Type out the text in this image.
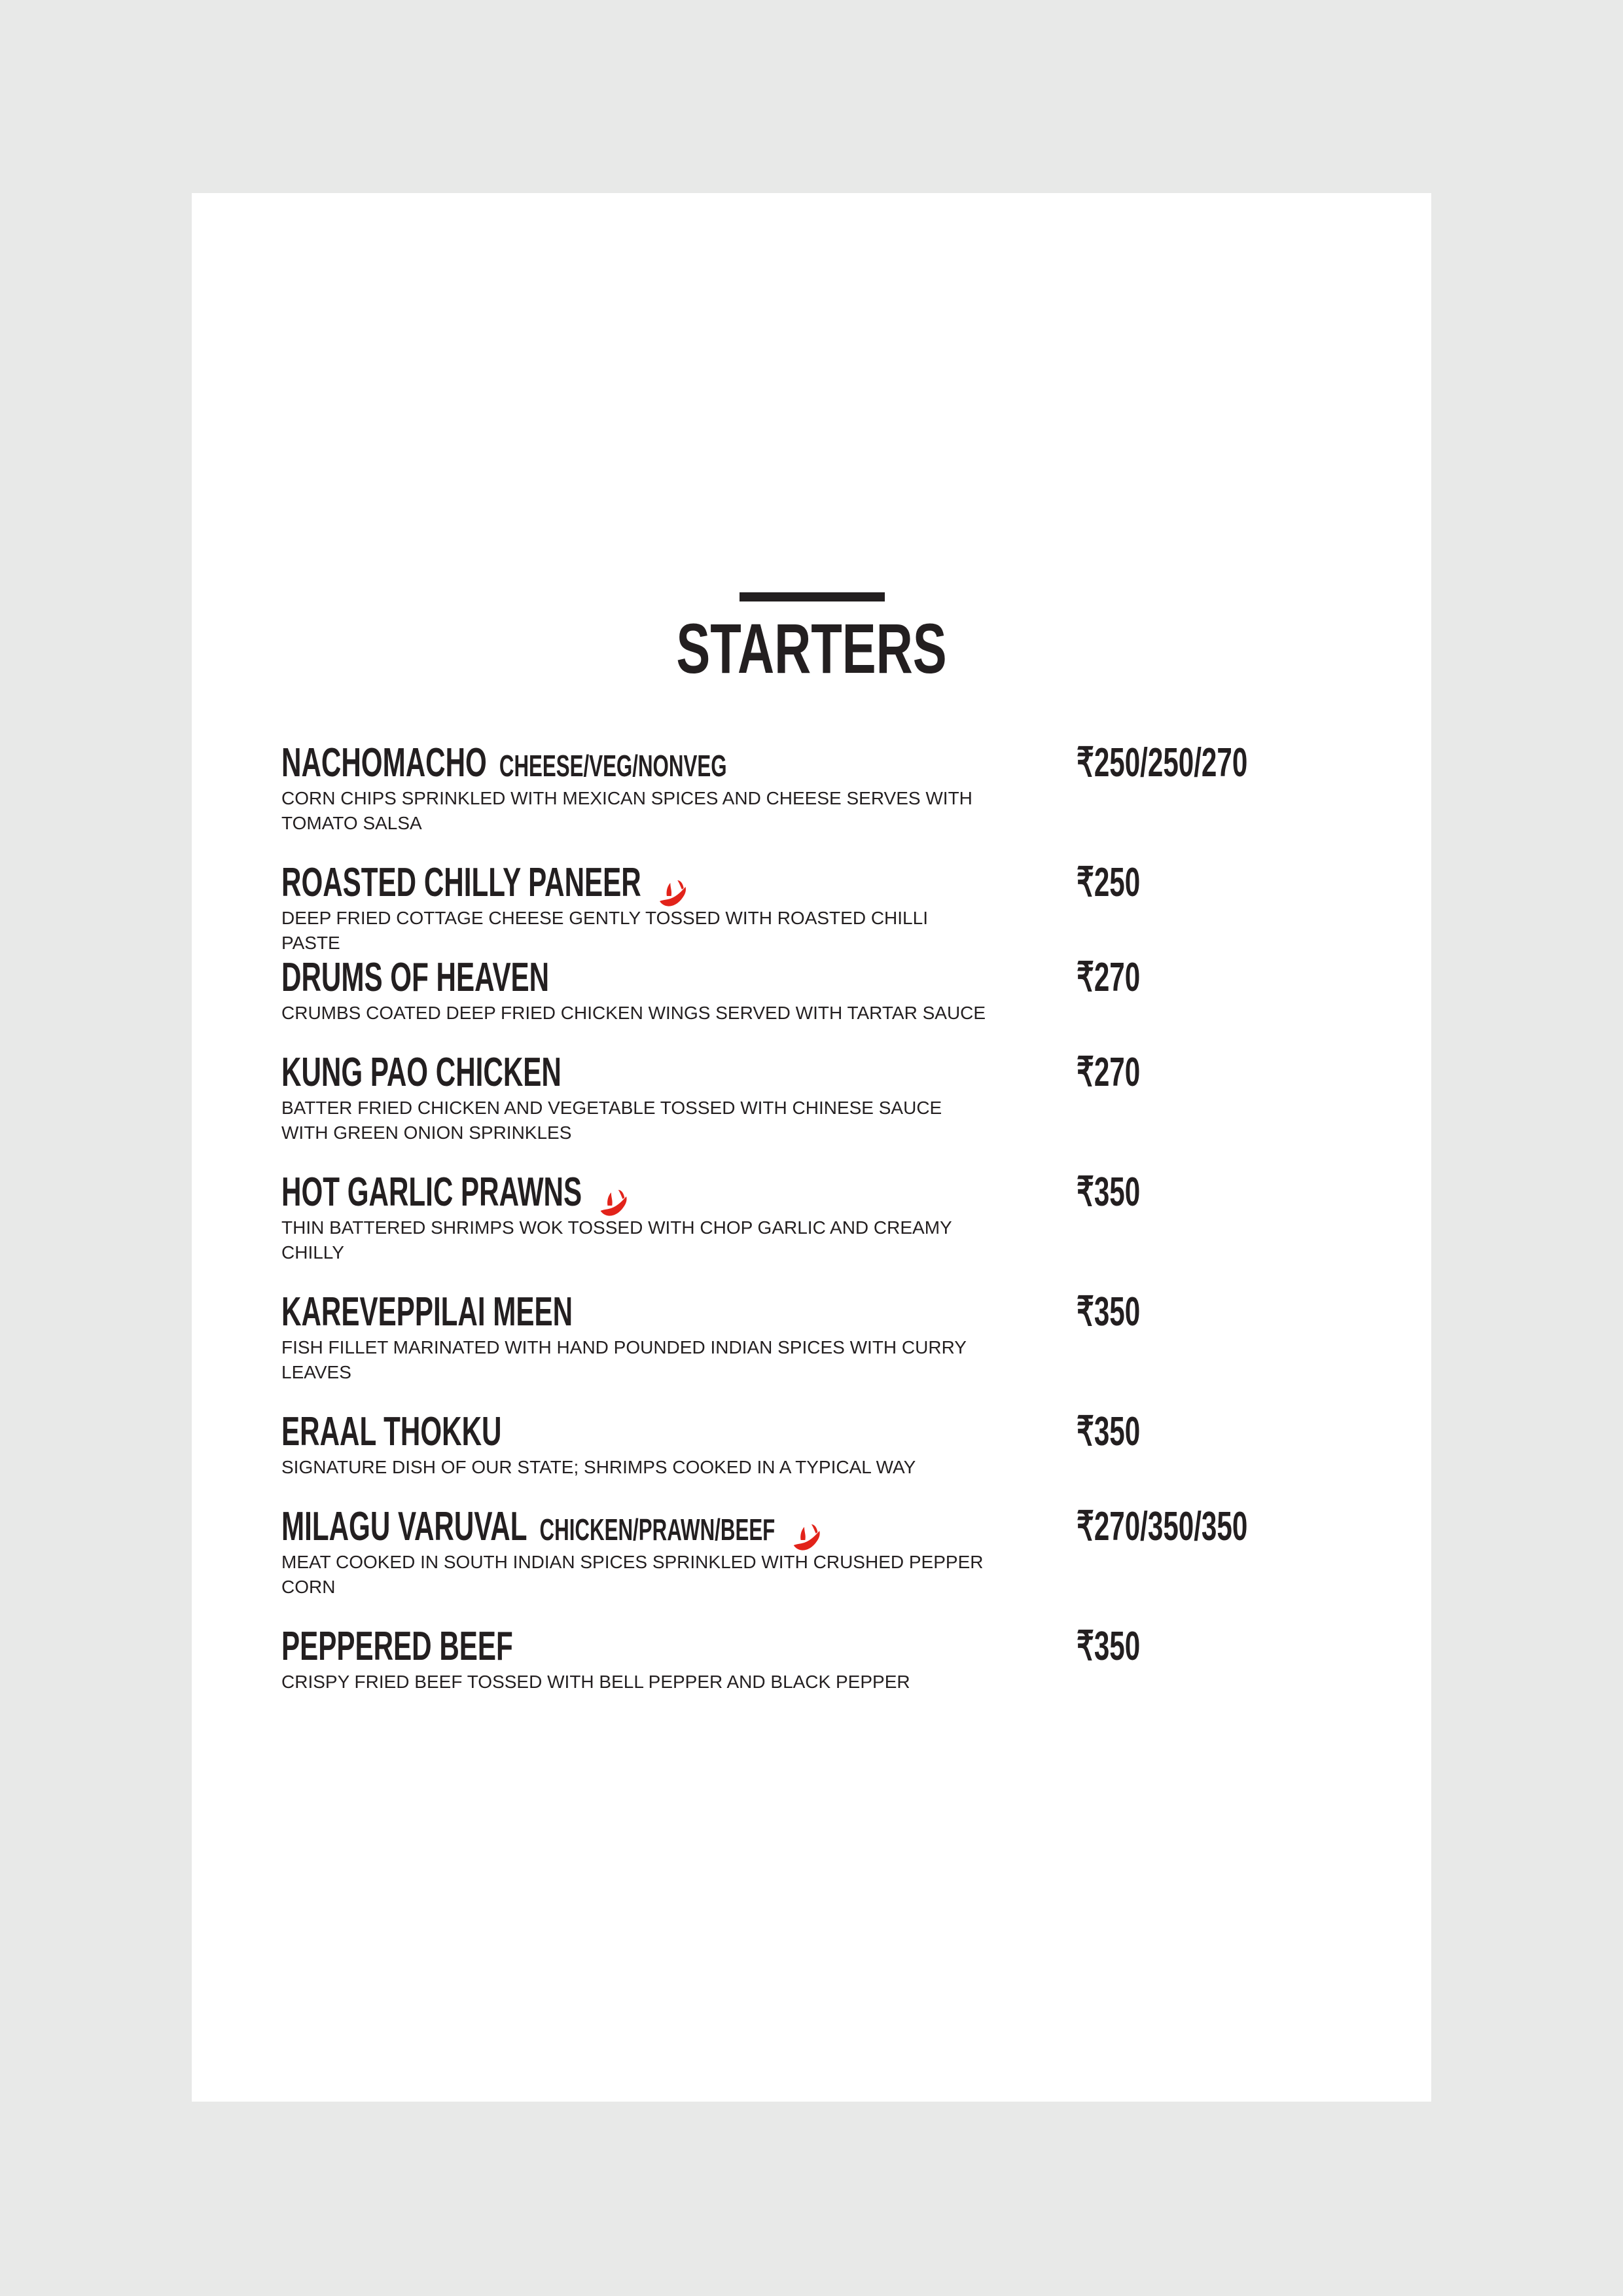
STARTERS
NACHOMACHO CHEESE/VEG/NONVEG
CORN CHIPS SPRINKLED WITH MEXICAN SPICES AND CHEESE SERVES WITH TOMATO SALSA
₹250/250/270
ROASTED CHILLY PANEER
DEEP FRIED COTTAGE CHEESE GENTLY TOSSED WITH ROASTED CHILLI PASTE
₹250
DRUMS OF HEAVEN
CRUMBS COATED DEEP FRIED CHICKEN WINGS SERVED WITH TARTAR SAUCE
₹270
KUNG PAO CHICKEN
BATTER FRIED CHICKEN AND VEGETABLE TOSSED WITH CHINESE SAUCE WITH GREEN ONION SPRINKLES
₹270
HOT GARLIC PRAWNS
THIN BATTERED SHRIMPS WOK TOSSED WITH CHOP GARLIC AND CREAMY CHILLY
₹350
KAREVEPPILAI MEEN
FISH FILLET MARINATED WITH HAND POUNDED INDIAN SPICES WITH CURRY LEAVES
₹350
ERAAL THOKKU
SIGNATURE DISH OF OUR STATE; SHRIMPS COOKED IN A TYPICAL WAY
₹350
MILAGU VARUVAL CHICKEN/PRAWN/BEEF
MEAT COOKED IN SOUTH INDIAN SPICES SPRINKLED WITH CRUSHED PEPPER CORN
₹270/350/350
PEPPERED BEEF
CRISPY FRIED BEEF TOSSED WITH BELL PEPPER AND BLACK PEPPER
₹350
